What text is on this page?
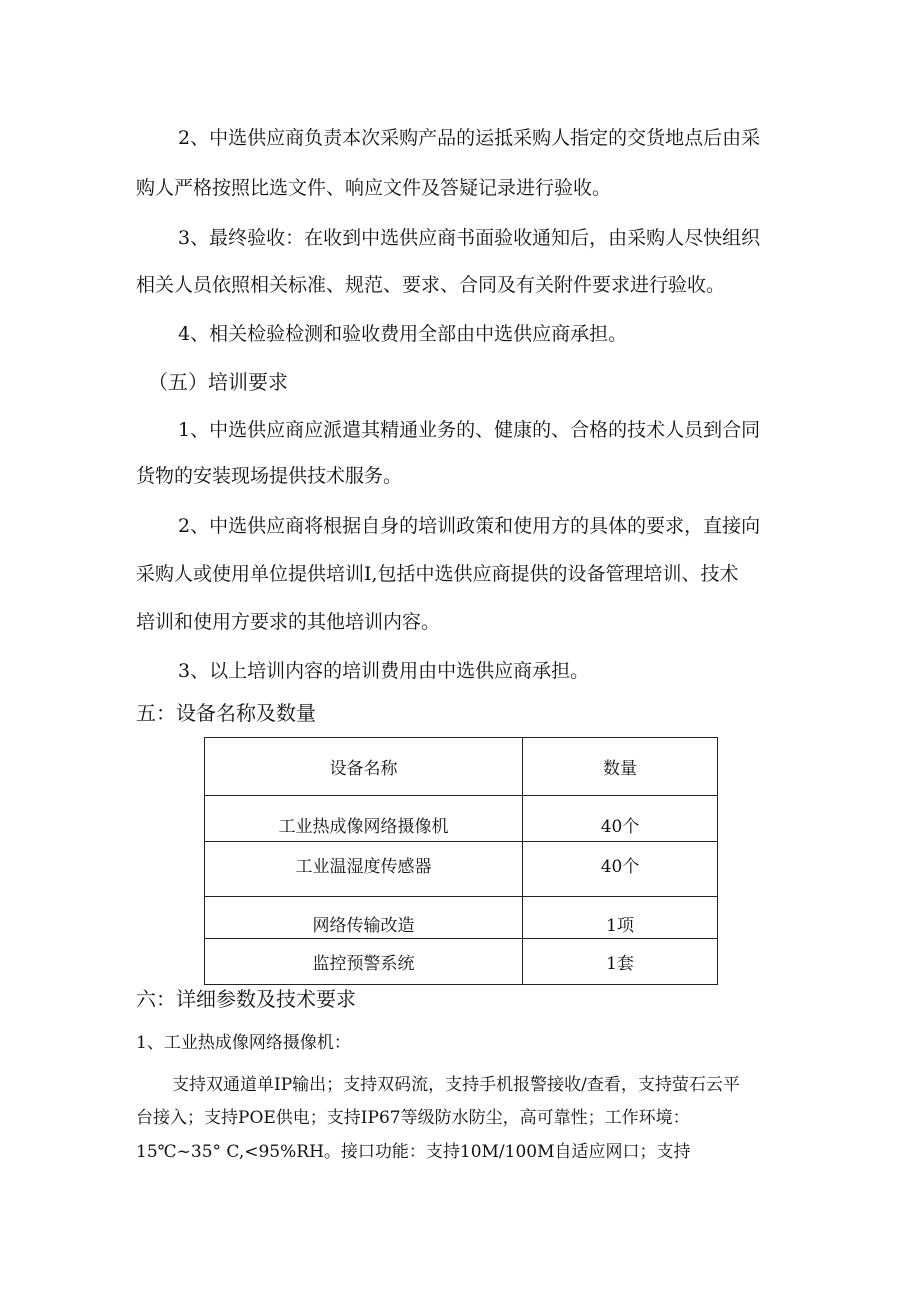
2、中选供应商负责本次采购产品的运抵采购人指定的交货地点后由采
购人严格按照比选文件、响应文件及答疑记录进行验收。
3、最终验收：在收到中选供应商书面验收通知后，由采购人尽快组织
相关人员依照相关标准、规范、要求、合同及有关附件要求进行验收。
4、相关检验检测和验收费用全部由中选供应商承担。
（五）培训要求
1、中选供应商应派遣其精通业务的、健康的、合格的技术人员到合同
货物的安装现场提供技术服务。
2、中选供应商将根据自身的培训政策和使用方的具体的要求，直接向
采购人或使用单位提供培训I,包括中选供应商提供的设备管理培训、技术
培训和使用方要求的其他培训内容。
3、以上培训内容的培训费用由中选供应商承担。
五：设备名称及数量
设备名称	数量
工业热成像网络摄像机	40个
工业温湿度传感器	40个
网络传输改造	1项
监控预警系统	1套
六：详细参数及技术要求
1、工业热成像网络摄像机：
支持双通道单IP输出；支持双码流，支持手机报警接收/查看，支持萤石云平
台接入；支持POE供电；支持IP67等级防水防尘，高可靠性；工作环境：
15℃~35° C,<95%RH。接口功能：支持10M/100M自适应网口；支持
